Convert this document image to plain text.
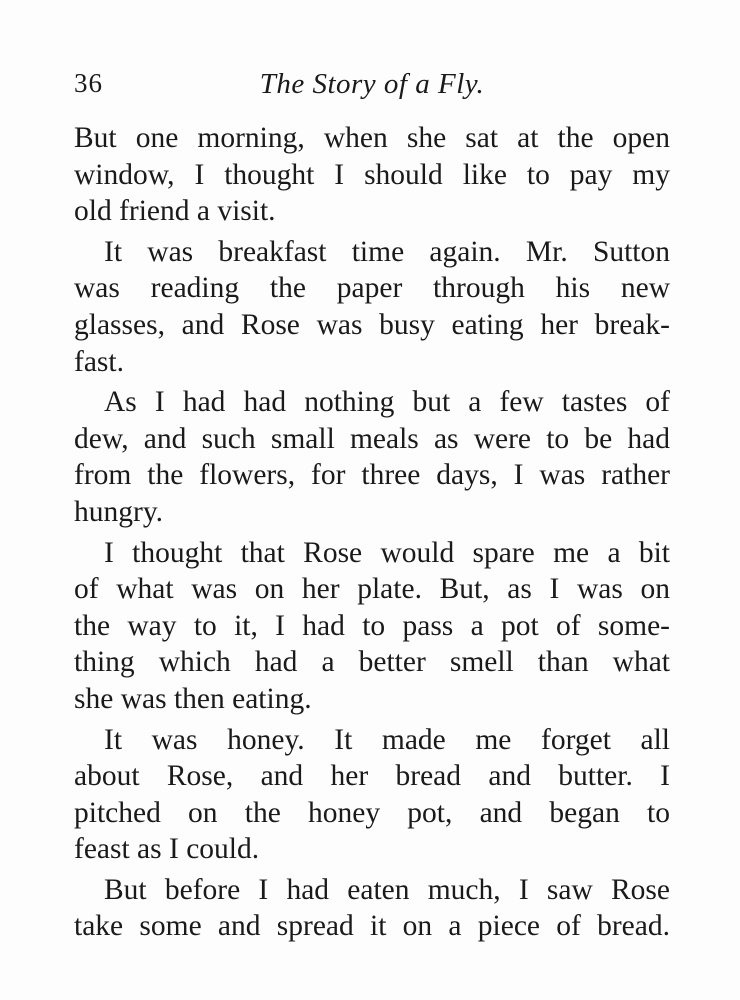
36	The Story of a Fly.
But one morning, when she sat at the open
window, I thought I should like to pay my
old friend a visit.
It was breakfast time again. Mr. Sutton
was reading the paper through his new
glasses, and Rose was busy eating her break-
fast.
As I had had nothing but a few tastes of
dew, and such small meals as were to be had
from the flowers, for three days, I was rather
hungry.
I thought that Rose would spare me a bit
of what was on her plate. But, as I was on
the way to it, I had to pass a pot of some-
thing which had a better smell than what
she was then eating.
It was honey. It made me forget all
about Rose, and her bread and butter. I
pitched on the honey pot, and began to
feast as I could.
But before I had eaten much, I saw Rose
take some and spread it on a piece of bread.
